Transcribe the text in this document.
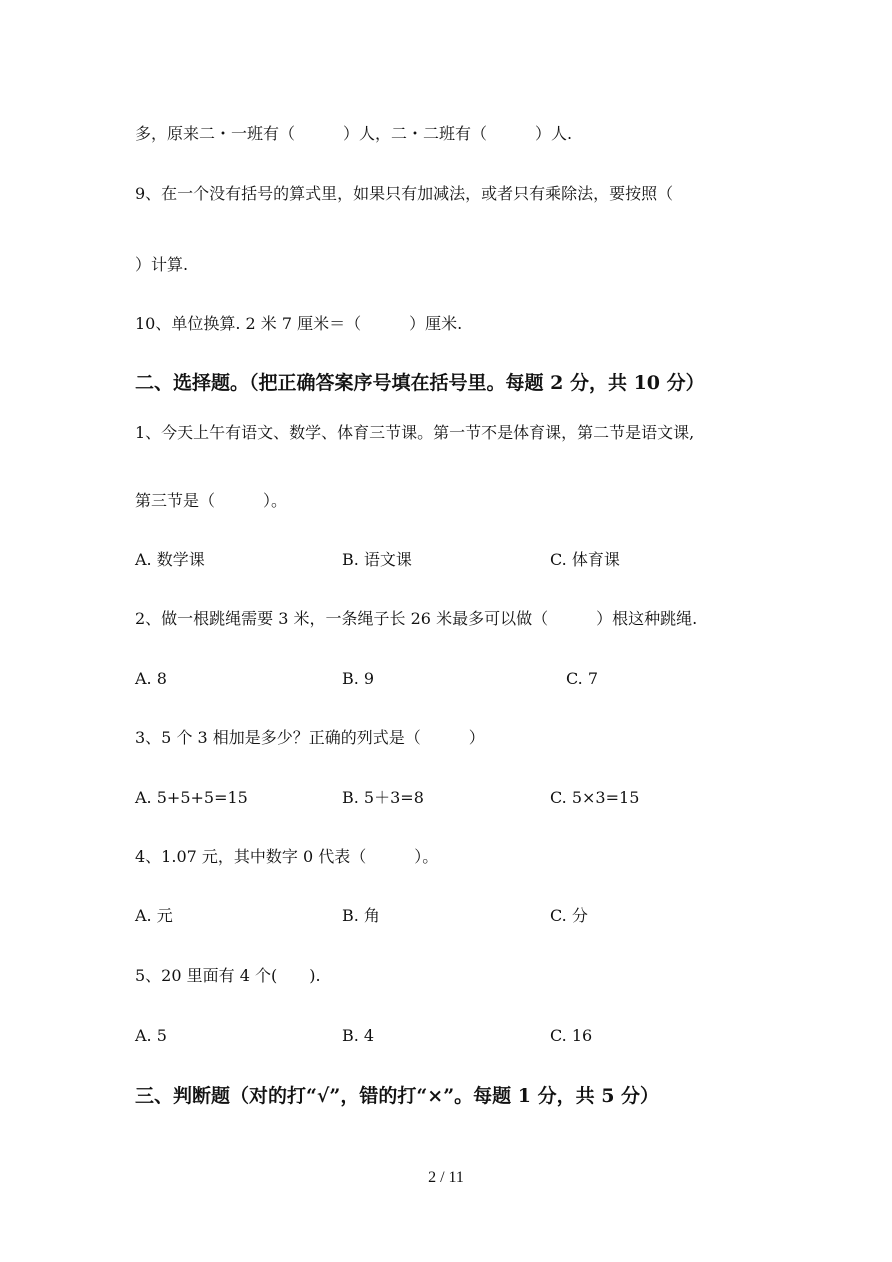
多，原来二・一班有（　　　）人，二・二班有（　　　）人.
9、在一个没有括号的算式里，如果只有加减法，或者只有乘除法，要按照（
）计算.
10、单位换算. 2 米 7 厘米＝（　　　）厘米.
二、选择题。（把正确答案序号填在括号里。每题 2 分，共 10 分）
1、今天上午有语文、数学、体育三节课。第一节不是体育课，第二节是语文课,
第三节是（　　　）。
A. 数学课	B. 语文课	C. 体育课
2、做一根跳绳需要 3 米，一条绳子长 26 米最多可以做（　　　）根这种跳绳.
A. 8	B. 9	C. 7
3、5 个 3 相加是多少？正确的列式是（　　　）
A. 5+5+5=15	B. 5＋3=8	C. 5×3=15
4、1.07 元，其中数字 0 代表（　　　）。
A. 元	B. 角	C. 分
5、20 里面有 4 个(　　).
A. 5	B. 4	C. 16
三、判断题（对的打“√”，错的打“×”。每题 1 分，共 5 分）
2 / 11
